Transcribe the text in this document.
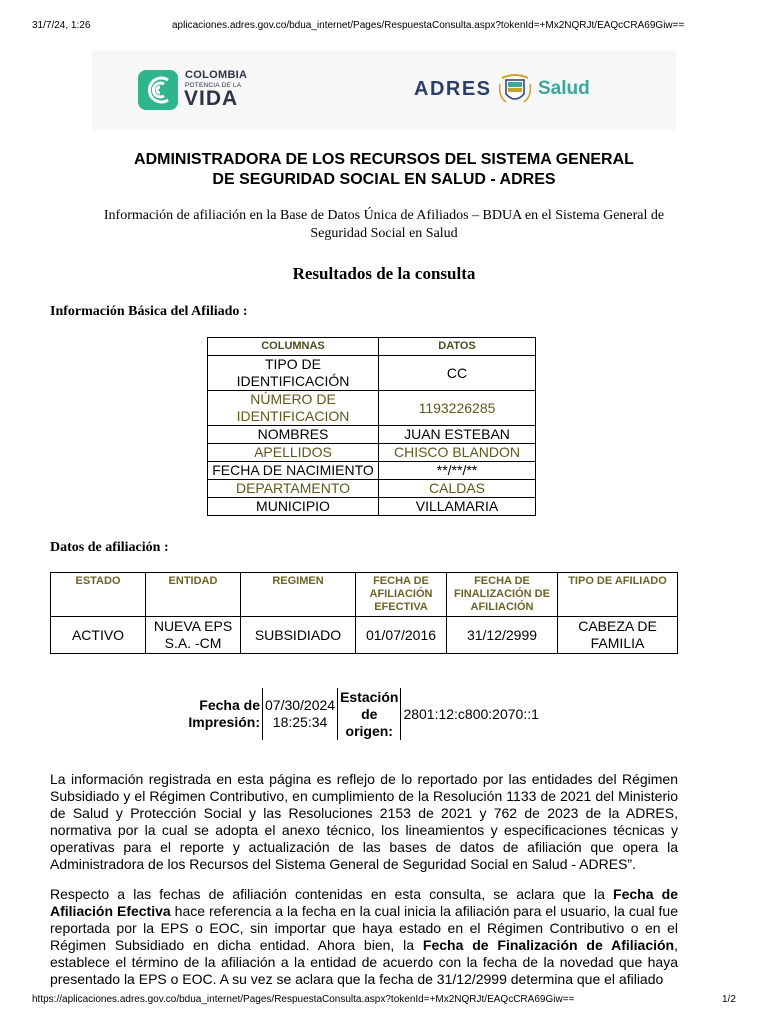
31/7/24, 1:26	aplicaciones.adres.gov.co/bdua_internet/Pages/RespuestaConsulta.aspx?tokenId=+Mx2NQRJt/EAQcCRA69Giw==
COLOMBIA
POTENCIA DE LA
VIDA	ADRES Salud
ADMINISTRADORA DE LOS RECURSOS DEL SISTEMA GENERAL
DE SEGURIDAD SOCIAL EN SALUD - ADRES
Información de afiliación en la Base de Datos Única de Afiliados – BDUA en el Sistema General de
Seguridad Social en Salud
Resultados de la consulta
Información Básica del Afiliado :
COLUMNAS	DATOS
TIPO DE IDENTIFICACIÓN	CC
NÚMERO DE IDENTIFICACION	1193226285
NOMBRES	JUAN ESTEBAN
APELLIDOS	CHISCO BLANDON
FECHA DE NACIMIENTO	**/**/**
DEPARTAMENTO	CALDAS
MUNICIPIO	VILLAMARIA
Datos de afiliación :
ESTADO	ENTIDAD	REGIMEN	FECHA DE AFILIACIÓN EFECTIVA	FECHA DE FINALIZACIÓN DE AFILIACIÓN	TIPO DE AFILIADO
ACTIVO	NUEVA EPS S.A. -CM	SUBSIDIADO	01/07/2016	31/12/2999	CABEZA DE FAMILIA
Fecha de Impresión:	07/30/2024 18:25:34	Estación de origen:	2801:12:c800:2070::1
La información registrada en esta página es reflejo de lo reportado por las entidades del Régimen Subsidiado y el Régimen Contributivo, en cumplimiento de la Resolución 1133 de 2021 del Ministerio de Salud y Protección Social y las Resoluciones 2153 de 2021 y 762 de 2023 de la ADRES, normativa por la cual se adopta el anexo técnico, los lineamientos y especificaciones técnicas y operativas para el reporte y actualización de las bases de datos de afiliación que opera la Administradora de los Recursos del Sistema General de Seguridad Social en Salud - ADRES”.
Respecto a las fechas de afiliación contenidas en esta consulta, se aclara que la Fecha de Afiliación Efectiva hace referencia a la fecha en la cual inicia la afiliación para el usuario, la cual fue reportada por la EPS o EOC, sin importar que haya estado en el Régimen Contributivo o en el Régimen Subsidiado en dicha entidad. Ahora bien, la Fecha de Finalización de Afiliación, establece el término de la afiliación a la entidad de acuerdo con la fecha de la novedad que haya presentado la EPS o EOC. A su vez se aclara que la fecha de 31/12/2999 determina que el afiliado
https://aplicaciones.adres.gov.co/bdua_internet/Pages/RespuestaConsulta.aspx?tokenId=+Mx2NQRJt/EAQcCRA69Giw==	1/2
